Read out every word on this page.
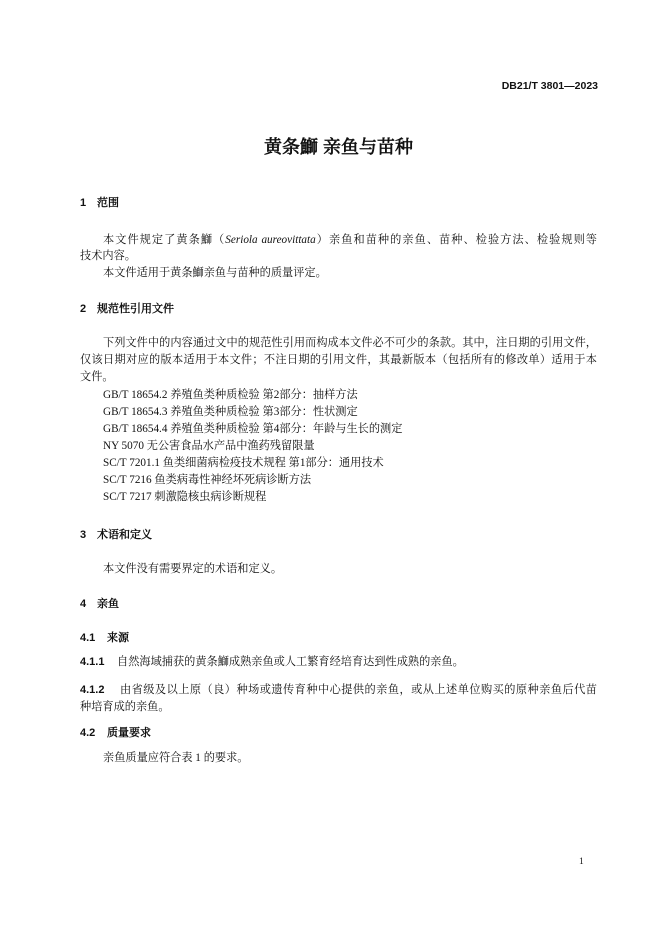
DB21/T 3801—2023
黄条鰤 亲鱼与苗种
1 范围
本文件规定了黄条鰤（Seriola aureovittata）亲鱼和苗种的亲鱼、苗种、检验方法、检验规则等
技术内容。
本文件适用于黄条鰤亲鱼与苗种的质量评定。
2 规范性引用文件
下列文件中的内容通过文中的规范性引用而构成本文件必不可少的条款。其中，注日期的引用文件，
仅该日期对应的版本适用于本文件；不注日期的引用文件，其最新版本（包括所有的修改单）适用于本
文件。
GB/T 18654.2 养殖鱼类种质检验 第2部分：抽样方法
GB/T 18654.3 养殖鱼类种质检验 第3部分：性状测定
GB/T 18654.4 养殖鱼类种质检验 第4部分：年龄与生长的测定
NY 5070 无公害食品水产品中渔药残留限量
SC/T 7201.1 鱼类细菌病检疫技术规程 第1部分：通用技术
SC/T 7216 鱼类病毒性神经坏死病诊断方法
SC/T 7217 刺激隐核虫病诊断规程
3 术语和定义
本文件没有需要界定的术语和定义。
4 亲鱼
4.1 来源
4.1.1	自然海域捕获的黄条鰤成熟亲鱼或人工繁育经培育达到性成熟的亲鱼。
4.1.2	由省级及以上原（良）种场或遗传育种中心提供的亲鱼，或从上述单位购买的原种亲鱼后代苗
种培育成的亲鱼。
4.2 质量要求
亲鱼质量应符合表 1 的要求。
1
